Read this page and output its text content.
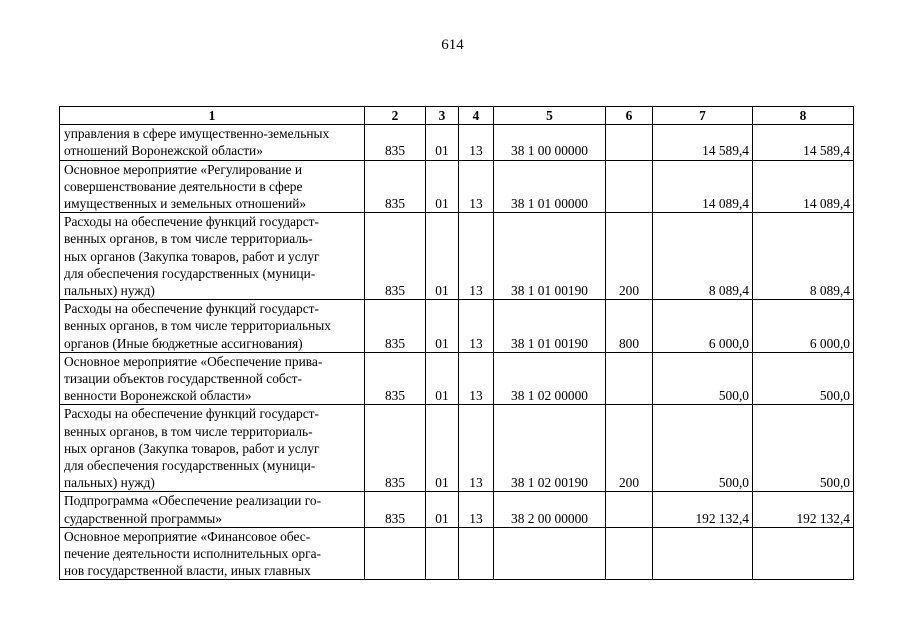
614
1	2	3	4	5	6	7	8

управления в сфере имущественно-земельных
отношений Воронежской области»	835	01	13	38 1 00 00000		14 589,4	14 589,4

Основное мероприятие «Регулирование и
совершенствование деятельности в сфере
имущественных и земельных отношений»	835	01	13	38 1 01 00000		14 089,4	14 089,4

Расходы на обеспечение функций государст-
венных органов, в том числе территориаль-
ных органов (Закупка товаров, работ и услуг
для обеспечения государственных (муници-
пальных) нужд)	835	01	13	38 1 01 00190	200	8 089,4	8 089,4

Расходы на обеспечение функций государст-
венных органов, в том числе территориальных
органов (Иные бюджетные ассигнования)	835	01	13	38 1 01 00190	800	6 000,0	6 000,0

Основное мероприятие «Обеспечение прива-
тизации объектов государственной собст-
венности Воронежской области»	835	01	13	38 1 02 00000		500,0	500,0

Расходы на обеспечение функций государст-
венных органов, в том числе территориаль-
ных органов (Закупка товаров, работ и услуг
для обеспечения государственных (муници-
пальных) нужд)	835	01	13	38 1 02 00190	200	500,0	500,0

Подпрограмма «Обеспечение реализации го-
сударственной программы»	835	01	13	38 2 00 00000		192 132,4	192 132,4

Основное мероприятие «Финансовое обес-
печение деятельности исполнительных орга-
нов государственной власти, иных главных							
